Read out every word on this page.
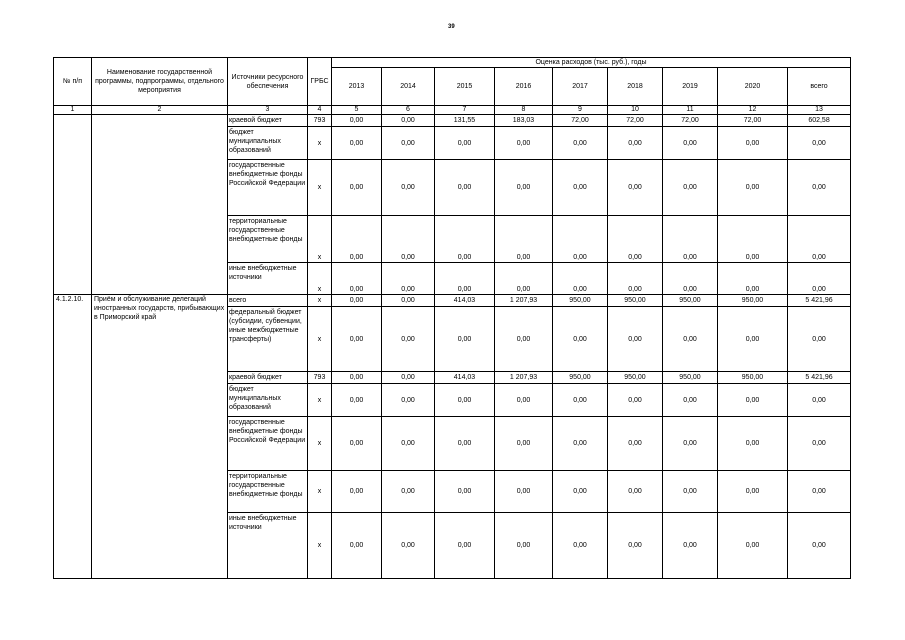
39
№ п/п	Наименование государственной программы, подпрограммы, отдельного мероприятия	Источники ресурсного обеспечения	ГРБС	Оценка расходов (тыс. руб.), годы								
				2013	2014	2015	2016	2017	2018	2019	2020	всего
1	2	3	4	5	6	7	8	9	10	11	12	13
		краевой бюджет	793	0,00	0,00	131,55	183,03	72,00	72,00	72,00	72,00	602,58
		бюджет муниципальных образований	х	0,00	0,00	0,00	0,00	0,00	0,00	0,00	0,00	0,00
		государственные внебюджетные фонды Российской Федерации	х	0,00	0,00	0,00	0,00	0,00	0,00	0,00	0,00	0,00
		территориальные государственные внебюджетные фонды	х	0,00	0,00	0,00	0,00	0,00	0,00	0,00	0,00	0,00
		иные внебюджетные источники	х	0,00	0,00	0,00	0,00	0,00	0,00	0,00	0,00	0,00
4.1.2.10.	Приём и обслуживание делегаций иностранных государств, прибывающих в Приморский край	всего	х	0,00	0,00	414,03	1 207,93	950,00	950,00	950,00	950,00	5 421,96
		федеральный бюджет (субсидии, субвенции, иные межбюджетные трансферты)	х	0,00	0,00	0,00	0,00	0,00	0,00	0,00	0,00	0,00
		краевой бюджет	793	0,00	0,00	414,03	1 207,93	950,00	950,00	950,00	950,00	5 421,96
		бюджет муниципальных образований	х	0,00	0,00	0,00	0,00	0,00	0,00	0,00	0,00	0,00
		государственные внебюджетные фонды Российской Федерации	х	0,00	0,00	0,00	0,00	0,00	0,00	0,00	0,00	0,00
		территориальные государственные внебюджетные фонды	х	0,00	0,00	0,00	0,00	0,00	0,00	0,00	0,00	0,00
		иные внебюджетные источники	х	0,00	0,00	0,00	0,00	0,00	0,00	0,00	0,00	0,00
